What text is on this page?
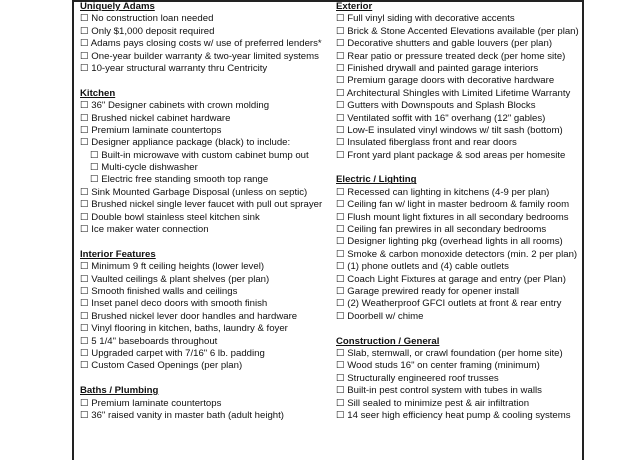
Uniquely Adams
☐ No construction loan needed
☐ Only $1,000 deposit required
☐ Adams pays closing costs w/ use of preferred lenders*
☐ One-year builder warranty & two-year limited systems
☐ 10-year structural warranty thru Centricity
Kitchen
☐ 36" Designer cabinets with crown molding
☐ Brushed nickel cabinet hardware
☐ Premium laminate countertops
☐ Designer appliance package (black) to include:
☐ Built-in microwave with custom cabinet bump out
☐ Multi-cycle dishwasher
☐ Electric free standing smooth top range
☐ Sink Mounted Garbage Disposal (unless on septic)
☐ Brushed nickel single lever faucet with pull out sprayer
☐ Double bowl stainless steel kitchen sink
☐ Ice maker water connection
Interior Features
☐ Minimum 9 ft ceiling heights (lower level)
☐ Vaulted ceilings & plant shelves (per plan)
☐ Smooth finished walls and ceilings
☐ Inset panel deco doors with smooth finish
☐ Brushed nickel lever door handles and hardware
☐ Vinyl flooring in kitchen, baths, laundry & foyer
☐ 5 1/4" baseboards throughout
☐ Upgraded carpet with 7/16" 6 lb. padding
☐ Custom Cased Openings (per plan)
Baths / Plumbing
☐ Premium laminate countertops
☐ 36" raised vanity in master bath (adult height)
Exterior
☐ Full vinyl siding with decorative accents
☐ Brick & Stone Accented Elevations available (per plan)
☐ Decorative shutters and gable louvers (per plan)
☐ Rear patio or pressure treated deck (per home site)
☐ Finished drywall and painted garage interiors
☐ Premium garage doors with decorative hardware
☐ Architectural Shingles with Limited Lifetime Warranty
☐ Gutters with Downspouts and Splash Blocks
☐ Ventilated soffit with 16" overhang (12" gables)
☐ Low-E insulated vinyl windows w/ tilt sash (bottom)
☐ Insulated fiberglass front and rear doors
☐ Front yard plant package & sod areas per homesite
Electric / Lighting
☐ Recessed can lighting in kitchens (4-9 per plan)
☐ Ceiling fan w/ light in master bedroom & family room
☐ Flush mount light fixtures in all secondary bedrooms
☐ Ceiling fan prewires in all secondary bedrooms
☐ Designer lighting pkg (overhead lights in all rooms)
☐ Smoke & carbon monoxide detectors (min. 2 per plan)
☐ (1) phone outlets and (4) cable outlets
☐ Coach Light Fixtures at garage and entry (per Plan)
☐ Garage prewired ready for opener install
☐ (2) Weatherproof GFCI outlets at front & rear entry
☐ Doorbell w/ chime
Construction / General
☐ Slab, stemwall, or crawl foundation (per home site)
☐ Wood studs 16" on center framing (minimum)
☐ Structurally engineered roof trusses
☐ Built-in pest control system with tubes in walls
☐ Sill sealed to minimize pest & air infiltration
☐ 14 seer high efficiency heat pump & cooling systems
